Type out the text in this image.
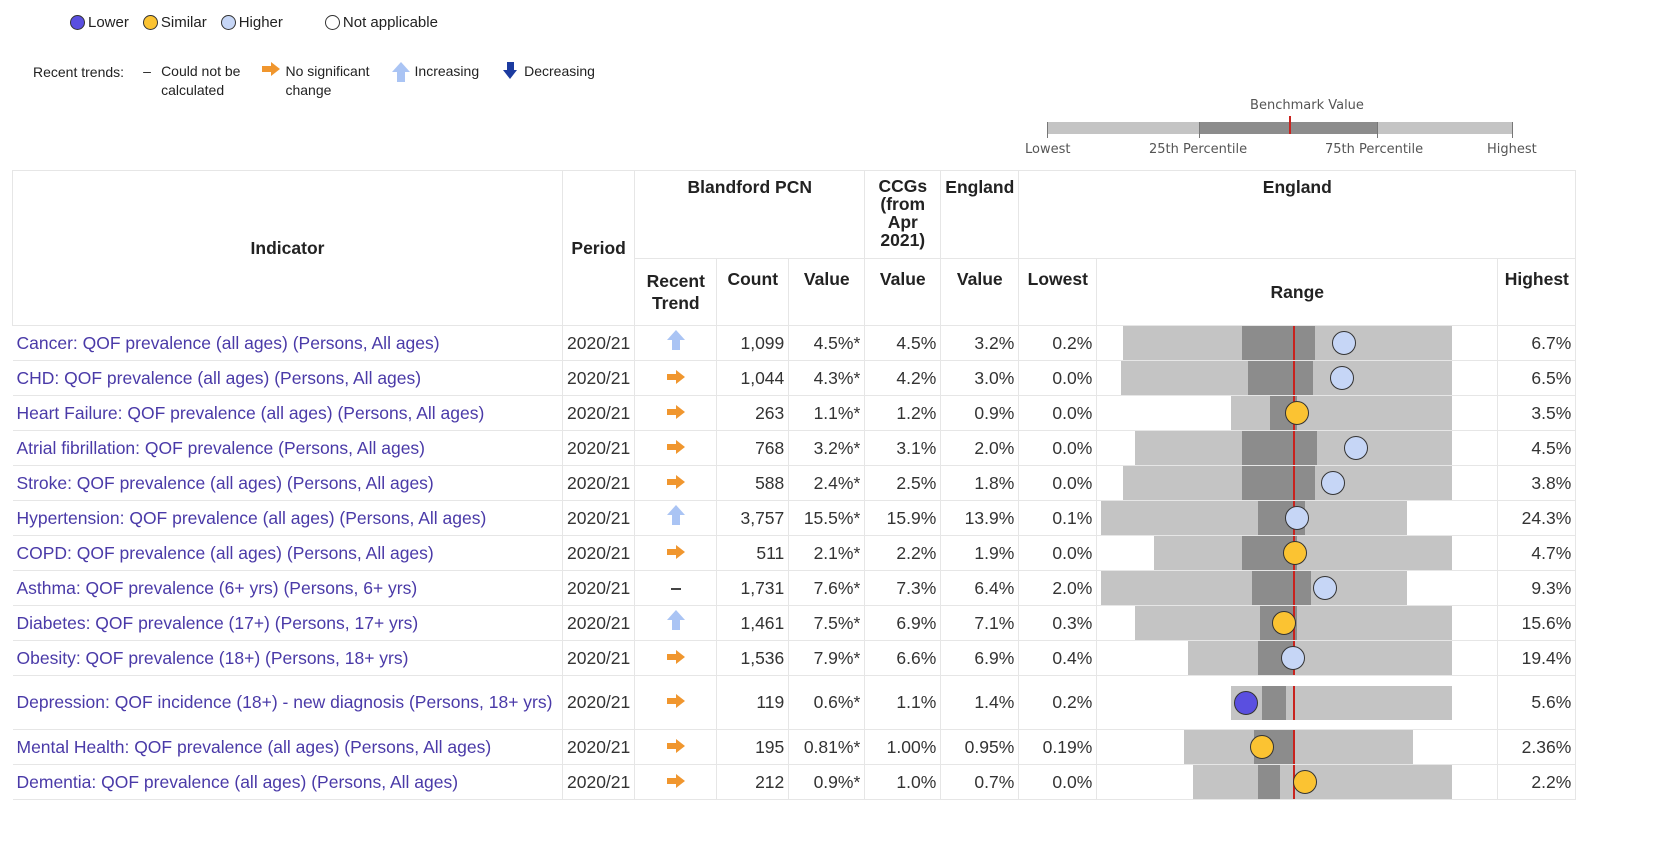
Lower Similar Higher	Not applicable
Recent trends:	– Could not be
calculated
No significant
change
Increasing	Decreasing
Benchmark Value
Lowest	25th Percentile	75th Percentile	Highest
Indicator	Period	Blandford PCN			CCGs (from Apr 2021)	England	England		
		Recent Trend	Count	Value	Value	Value	Lowest	Range	Highest
Cancer: QOF prevalence (all ages) (Persons, All ages)	2020/21		1,099	4.5%*	4.5%	3.2%	0.2%		6.7%
CHD: QOF prevalence (all ages) (Persons, All ages)	2020/21		1,044	4.3%*	4.2%	3.0%	0.0%		6.5%
Heart Failure: QOF prevalence (all ages) (Persons, All ages)	2020/21		263	1.1%*	1.2%	0.9%	0.0%		3.5%
Atrial fibrillation: QOF prevalence (Persons, All ages)	2020/21		768	3.2%*	3.1%	2.0%	0.0%		4.5%
Stroke: QOF prevalence (all ages) (Persons, All ages)	2020/21		588	2.4%*	2.5%	1.8%	0.0%		3.8%
Hypertension: QOF prevalence (all ages) (Persons, All ages)	2020/21		3,757	15.5%*	15.9%	13.9%	0.1%		24.3%
COPD: QOF prevalence (all ages) (Persons, All ages)	2020/21		511	2.1%*	2.2%	1.9%	0.0%		4.7%
Asthma: QOF prevalence (6+ yrs) (Persons, 6+ yrs)	2020/21		1,731	7.6%*	7.3%	6.4%	2.0%		9.3%
Diabetes: QOF prevalence (17+) (Persons, 17+ yrs)	2020/21		1,461	7.5%*	6.9%	7.1%	0.3%		15.6%
Obesity: QOF prevalence (18+) (Persons, 18+ yrs)	2020/21		1,536	7.9%*	6.6%	6.9%	0.4%		19.4%
Depression: QOF incidence (18+) - new diagnosis (Persons, 18+ yrs)	2020/21		119	0.6%*	1.1%	1.4%	0.2%		5.6%
Mental Health: QOF prevalence (all ages) (Persons, All ages)	2020/21		195	0.81%*	1.00%	0.95%	0.19%		2.36%
Dementia: QOF prevalence (all ages) (Persons, All ages)	2020/21		212	0.9%*	1.0%	0.7%	0.0%		2.2%
